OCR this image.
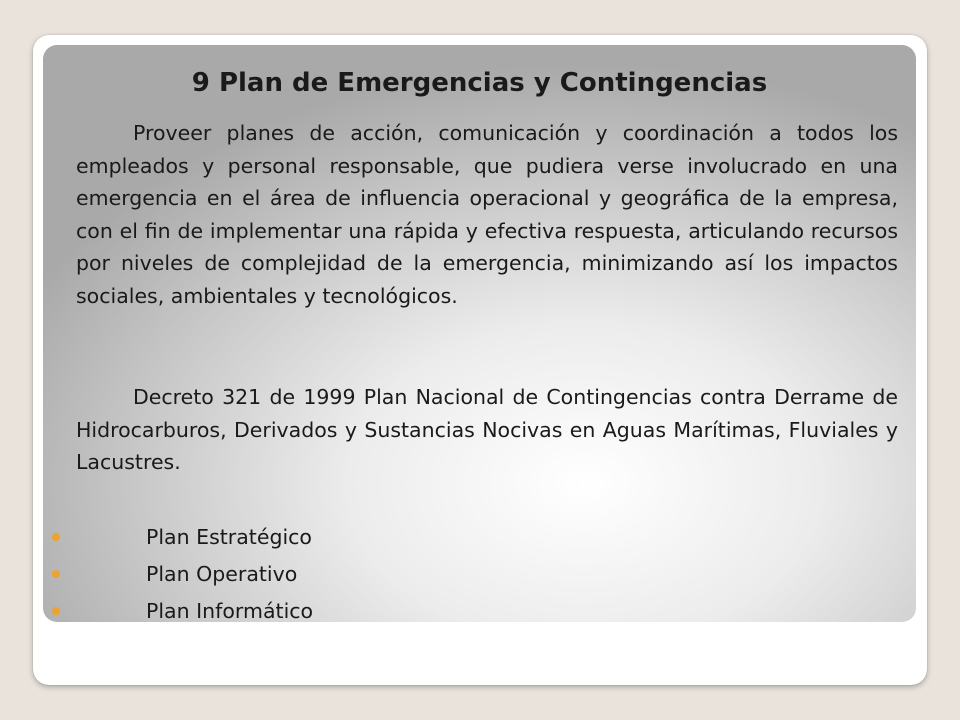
9 Plan de Emergencias y Contingencias

Proveer planes de acción, comunicación y coordinación a todos los empleados y personal responsable, que pudiera verse involucrado en una emergencia en el área de influencia operacional y geográfica de la empresa, con el fin de implementar una rápida y efectiva respuesta, articulando recursos por niveles de complejidad de la emergencia, minimizando así los impactos sociales, ambientales y tecnológicos.

Decreto 321 de 1999 Plan Nacional de Contingencias contra Derrame de Hidrocarburos, Derivados y Sustancias Nocivas en Aguas Marítimas, Fluviales y Lacustres.

Plan Estratégico
Plan Operativo
Plan Informático
